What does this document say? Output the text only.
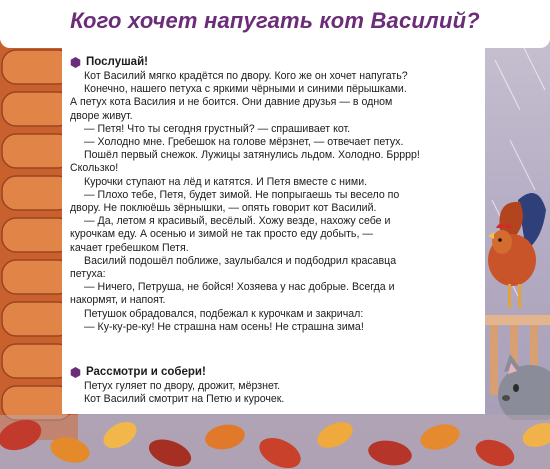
Кого хочет напугать кот Василий?
Послушай!
Кот Василий мягко крадётся по двору. Кого же он хочет напугать?
Конечно, нашего петуха с яркими чёрными и синими пёрышками.
А петух кота Василия и не боится. Они давние друзья — в одном
дворе живут.
— Петя! Что ты сегодня грустный? — спрашивает кот.
— Холодно мне. Гребешок на голове мёрзнет, — отвечает петух.
Пошёл первый снежок. Лужицы затянулись льдом. Холодно. Брррр!
Скользко!
Курочки ступают на лёд и катятся. И Петя вместе с ними.
— Плохо тебе, Петя, будет зимой. Не попрыгаешь ты весело по
двору. Не поклюёшь зёрнышки, — опять говорит кот Василий.
— Да, летом я красивый, весёлый. Хожу везде, нахожу себе и
курочкам еду. А осенью и зимой не так просто еду добыть, —
качает гребешком Петя.
Василий подошёл поближе, заулыбался и подбодрил красавца
петуха:
— Ничего, Петруша, не бойся! Хозяева у нас добрые. Всегда и
накормят, и напоят.
Петушок обрадовался, подбежал к курочкам и закричал:
— Ку-ку-ре-ку! Не страшна нам осень! Не страшна зима!
Рассмотри и собери!
Петух гуляет по двору, дрожит, мёрзнет.
Кот Василий смотрит на Петю и курочек.
